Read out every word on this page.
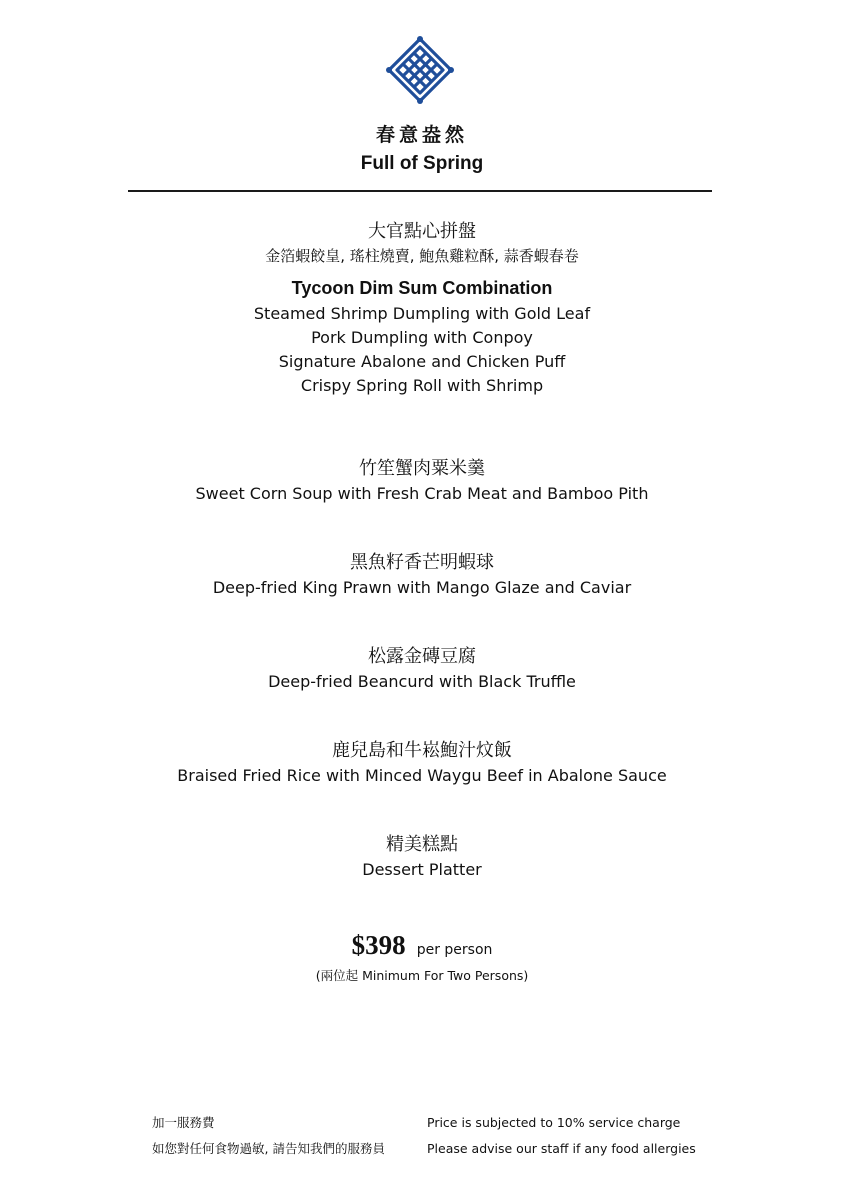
春意盎然
Full of Spring
大官點心拼盤
金箔蝦餃皇, 瑤柱燒賣, 鮑魚雞粒酥, 蒜香蝦春卷
Tycoon Dim Sum Combination
Steamed Shrimp Dumpling with Gold Leaf
Pork Dumpling with Conpoy
Signature Abalone and Chicken Puff
Crispy Spring Roll with Shrimp
竹笙蟹肉粟米羹
Sweet Corn Soup with Fresh Crab Meat and Bamboo Pith
黑魚籽香芒明蝦球
Deep-fried King Prawn with Mango Glaze and Caviar
松露金磚豆腐
Deep-fried Beancurd with Black Truffle
鹿兒島和牛崧鮑汁炆飯
Braised Fried Rice with Minced Waygu Beef in Abalone Sauce
精美糕點
Dessert Platter
$398 per person
(兩位起 Minimum For Two Persons)
加一服務費	Price is subjected to 10% service charge
如您對任何食物過敏, 請告知我們的服務員	Please advise our staff if any food allergies
